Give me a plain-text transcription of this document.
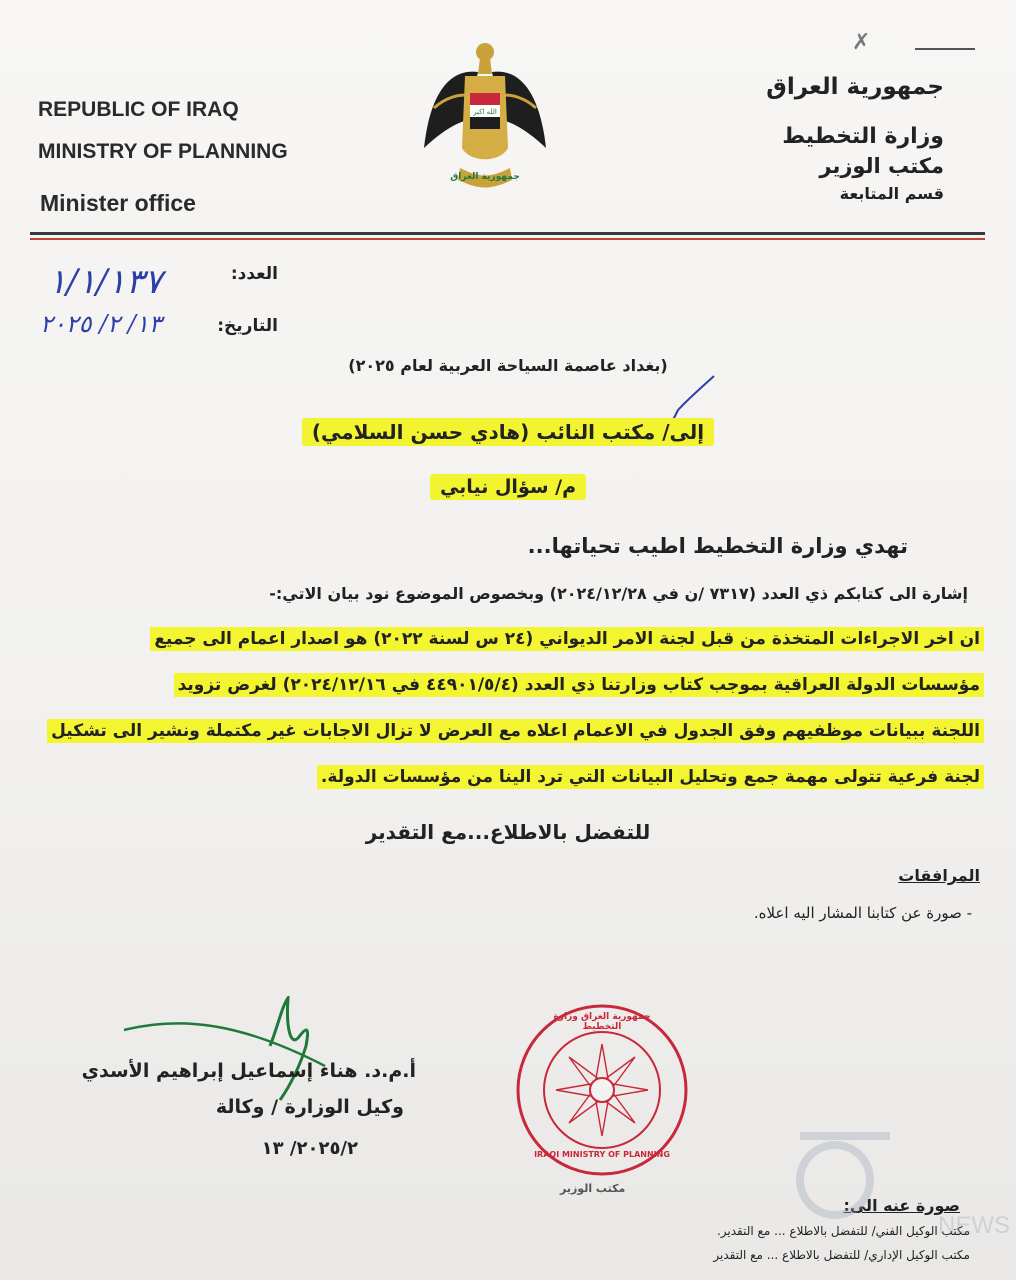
REPUBLIC OF IRAQ
MINISTRY OF PLANNING
Minister office
الله اكبر
جمهورية العراق
جمهورية العراق
وزارة التخطيط
مكتب الوزير
قسم المتابعة
✗
العدد:
١/١/١٣٧
التاريخ:
١٣/ ٢/ ٢٠٢٥
(بغداد عاصمة السياحة العربية لعام ٢٠٢٥)
إلى/ مكتب النائب (هادي حسن السلامي)
م/ سؤال نيابي
تهدي وزارة التخطيط اطيب تحياتها...
إشارة الى كتابكم ذي العدد (٧٣١٧ /ن في ٢٠٢٤/١٢/٢٨) وبخصوص الموضوع نود بيان الاتي:-
ان اخر الاجراءات المتخذة من قبل لجنة الامر الديواني (٢٤ س لسنة ٢٠٢٢) هو اصدار اعمام الى جميع
مؤسسات الدولة العراقية بموجب كتاب وزارتنا ذي العدد (٤٤٩٠١/٥/٤ في ٢٠٢٤/١٢/١٦) لغرض تزويد
اللجنة ببيانات موظفيهم وفق الجدول في الاعمام اعلاه مع العرض لا تزال الاجابات غير مكتملة ونشير الى تشكيل
لجنة فرعية تتولى مهمة جمع وتحليل البيانات التي ترد الينا من مؤسسات الدولة.
للتفضل بالاطلاع...مع التقدير
المرافقات
- صورة عن كتابنا المشار اليه اعلاه.
جمهورية العراق وزارة التخطيط
IRAQI MINISTRY OF PLANNING
مكتب الوزير
أ.م.د. هناء إسماعيل إبراهيم الأسدي
وكيل الوزارة / وكالة
٢٠٢٥/٢/ ١٣
صورة عنه الى:
مكتب الوكيل الفني/ للتفضل بالاطلاع ... مع التقدير.
مكتب الوكيل الإداري/ للتفضل بالاطلاع ... مع التقدير
NEWS
